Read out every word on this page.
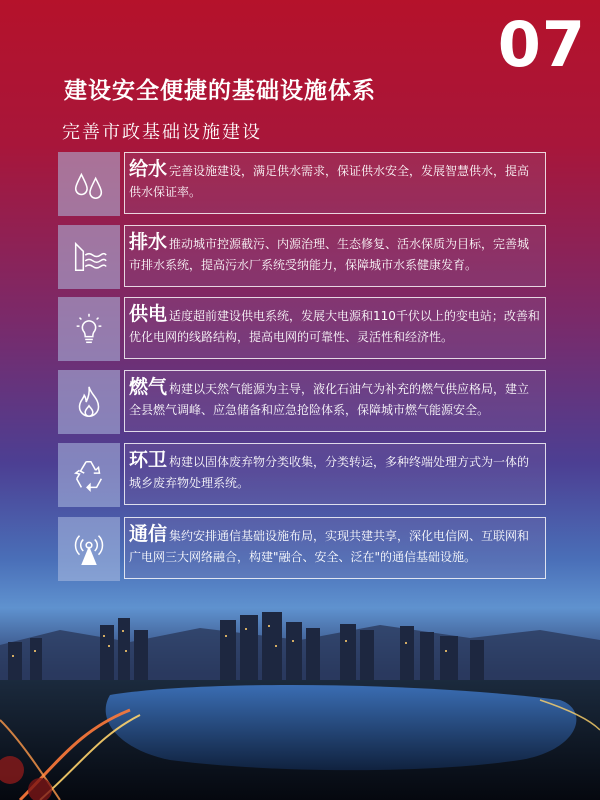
07
建设安全便捷的基础设施体系
完善市政基础设施建设
给水 完善设施建设，满足供水需求，保证供水安全，发展智慧供水，提高供水保证率。
排水 推动城市控源截污、内源治理、生态修复、活水保质为目标，完善城市排水系统，提高污水厂系统受纳能力，保障城市水系健康发育。
供电 适度超前建设供电系统，发展大电源和110千伏以上的变电站；改善和优化电网的线路结构，提高电网的可靠性、灵活性和经济性。
燃气 构建以天然气能源为主导，液化石油气为补充的燃气供应格局，建立全县燃气调峰、应急储备和应急抢险体系，保障城市燃气能源安全。
环卫 构建以固体废弃物分类收集，分类转运，多种终端处理方式为一体的城乡废弃物处理系统。
通信 集约安排通信基础设施布局，实现共建共享，深化电信网、互联网和广电网三大网络融合，构建"融合、安全、泛在"的通信基础设施。
